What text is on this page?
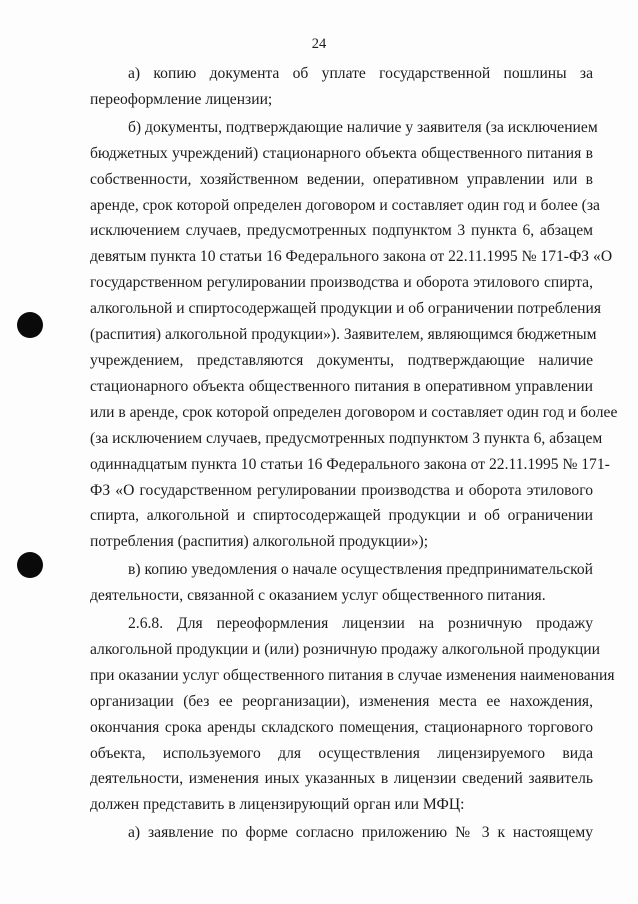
24

а) копию документа об уплате государственной пошлины за
переоформление лицензии;

б) документы, подтверждающие наличие у заявителя (за исключением
бюджетных учреждений) стационарного объекта общественного питания в
собственности, хозяйственном ведении, оперативном управлении или в
аренде, срок которой определен договором и составляет один год и более (за
исключением случаев, предусмотренных подпунктом 3 пункта 6, абзацем
девятым пункта 10 статьи 16 Федерального закона от 22.11.1995 № 171-ФЗ «О
государственном регулировании производства и оборота этилового спирта,
алкогольной и спиртосодержащей продукции и об ограничении потребления
(распития) алкогольной продукции»). Заявителем, являющимся бюджетным
учреждением, представляются документы, подтверждающие наличие
стационарного объекта общественного питания в оперативном управлении
или в аренде, срок которой определен договором и составляет один год и более
(за исключением случаев, предусмотренных подпунктом 3 пункта 6, абзацем
одиннадцатым пункта 10 статьи 16 Федерального закона от 22.11.1995 № 171-
ФЗ «О государственном регулировании производства и оборота этилового
спирта, алкогольной и спиртосодержащей продукции и об ограничении
потребления (распития) алкогольной продукции»);

в) копию уведомления о начале осуществления предпринимательской
деятельности, связанной с оказанием услуг общественного питания.

2.6.8. Для переоформления лицензии на розничную продажу
алкогольной продукции и (или) розничную продажу алкогольной продукции
при оказании услуг общественного питания в случае изменения наименования
организации (без ее реорганизации), изменения места ее нахождения,
окончания срока аренды складского помещения, стационарного торгового
объекта, используемого для осуществления лицензируемого вида
деятельности, изменения иных указанных в лицензии сведений заявитель
должен представить в лицензирующий орган или МФЦ:

а) заявление по форме согласно приложению № 3 к настоящему
